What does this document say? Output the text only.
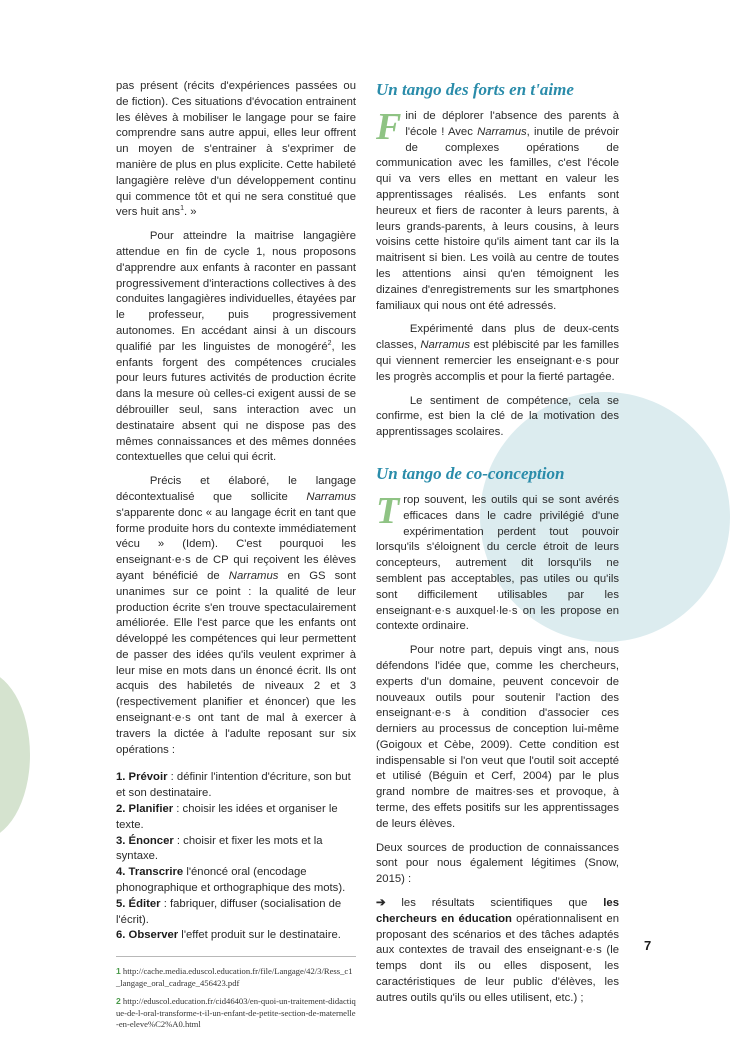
pas présent (récits d'expériences passées ou de fiction). Ces situations d'évocation entrainent les élèves à mobiliser le langage pour se faire comprendre sans autre appui, elles leur offrent un moyen de s'entrainer à s'exprimer de manière de plus en plus explicite. Cette habileté langagière relève d'un développement continu qui commence tôt et qui ne sera constitué que vers huit ans$^1$. »

Pour atteindre la maitrise langagière attendue en fin de cycle 1, nous proposons d'apprendre aux enfants à raconter en passant progressivement d'interactions collectives à des conduites langagières individuelles, étayées par le professeur, puis progressivement autonomes. En accédant ainsi à un discours qualifié par les linguistes de monogéré$^2$, les enfants forgent des compétences cruciales pour leurs futures activités de production écrite dans la mesure où celles-ci exigent aussi de se débrouiller seul, sans interaction avec un destinataire absent qui ne dispose pas des mêmes connaissances et des mêmes données contextuelles que celui qui écrit.

Précis et élaboré, le langage décontextualisé que sollicite Narramus s'apparente donc « au langage écrit en tant que forme produite hors du contexte immédiatement vécu » (Idem). C'est pourquoi les enseignant·e·s de CP qui reçoivent les élèves ayant bénéficié de Narramus en GS sont unanimes sur ce point : la qualité de leur production écrite s'en trouve spectaculairement améliorée. Elle l'est parce que les enfants ont développé les compétences qui leur permettent de passer des idées qu'ils veulent exprimer à leur mise en mots dans un énoncé écrit. Ils ont acquis des habiletés de niveaux 2 et 3 (respectivement planifier et énoncer) que les enseignant·e·s ont tant de mal à exercer à travers la dictée à l'adulte reposant sur six opérations :

1. Prévoir : définir l'intention d'écriture, son but et son destinataire.
2. Planifier : choisir les idées et organiser le texte.
3. Énoncer : choisir et fixer les mots et la syntaxe.
4. Transcrire l'énoncé oral (encodage phonographique et orthographique des mots).
5. Éditer : fabriquer, diffuser (socialisation de l'écrit).
6. Observer l'effet produit sur le destinataire.

1 http://cache.media.eduscol.education.fr/file/Langage/42/3/Ress_c1_langage_oral_cadrage_456423.pdf

2 http://eduscol.education.fr/cid46403/en-quoi-un-traitement-didactique-de-l-oral-transforme-t-il-un-enfant-de-petite-section-de-maternelle-en-eleve%C2%A0.html

Un tango des forts en t'aime

Fini de déplorer l'absence des parents à l'école ! Avec Narramus, inutile de prévoir de complexes opérations de communication avec les familles, c'est l'école qui va vers elles en mettant en valeur les apprentissages réalisés. Les enfants sont heureux et fiers de raconter à leurs parents, à leurs grands-parents, à leurs cousins, à leurs voisins cette histoire qu'ils aiment tant car ils la maitrisent si bien. Les voilà au centre de toutes les attentions ainsi qu'en témoignent les dizaines d'enregistrements sur les smartphones familiaux qui nous ont été adressés.

Expérimenté dans plus de deux-cents classes, Narramus est plébiscité par les familles qui viennent remercier les enseignant·e·s pour les progrès accomplis et pour la fierté partagée.

Le sentiment de compétence, cela se confirme, est bien la clé de la motivation des apprentissages scolaires.

Un tango de co-conception

Trop souvent, les outils qui se sont avérés efficaces dans le cadre privilégié d'une expérimentation perdent tout pouvoir lorsqu'ils s'éloignent du cercle étroit de leurs concepteurs, autrement dit lorsqu'ils ne semblent pas acceptables, pas utiles ou qu'ils sont difficilement utilisables par les enseignant·e·s auxquel·le·s on les propose en contexte ordinaire.

Pour notre part, depuis vingt ans, nous défendons l'idée que, comme les chercheurs, experts d'un domaine, peuvent concevoir de nouveaux outils pour soutenir l'action des enseignant·e·s à condition d'associer ces derniers au processus de conception lui-même (Goigoux et Cèbe, 2009). Cette condition est indispensable si l'on veut que l'outil soit accepté et utilisé (Béguin et Cerf, 2004) par le plus grand nombre de maitres·ses et provoque, à terme, des effets positifs sur les apprentissages de leurs élèves.

Deux sources de production de connaissances sont pour nous également légitimes (Snow, 2015) :

➔ les résultats scientifiques que les chercheurs en éducation opérationnalisent en proposant des scénarios et des tâches adaptés aux contextes de travail des enseignant·e·s (le temps dont ils ou elles disposent, les caractéristiques de leur public d'élèves, les autres outils qu'ils ou elles utilisent, etc.) ;

7
